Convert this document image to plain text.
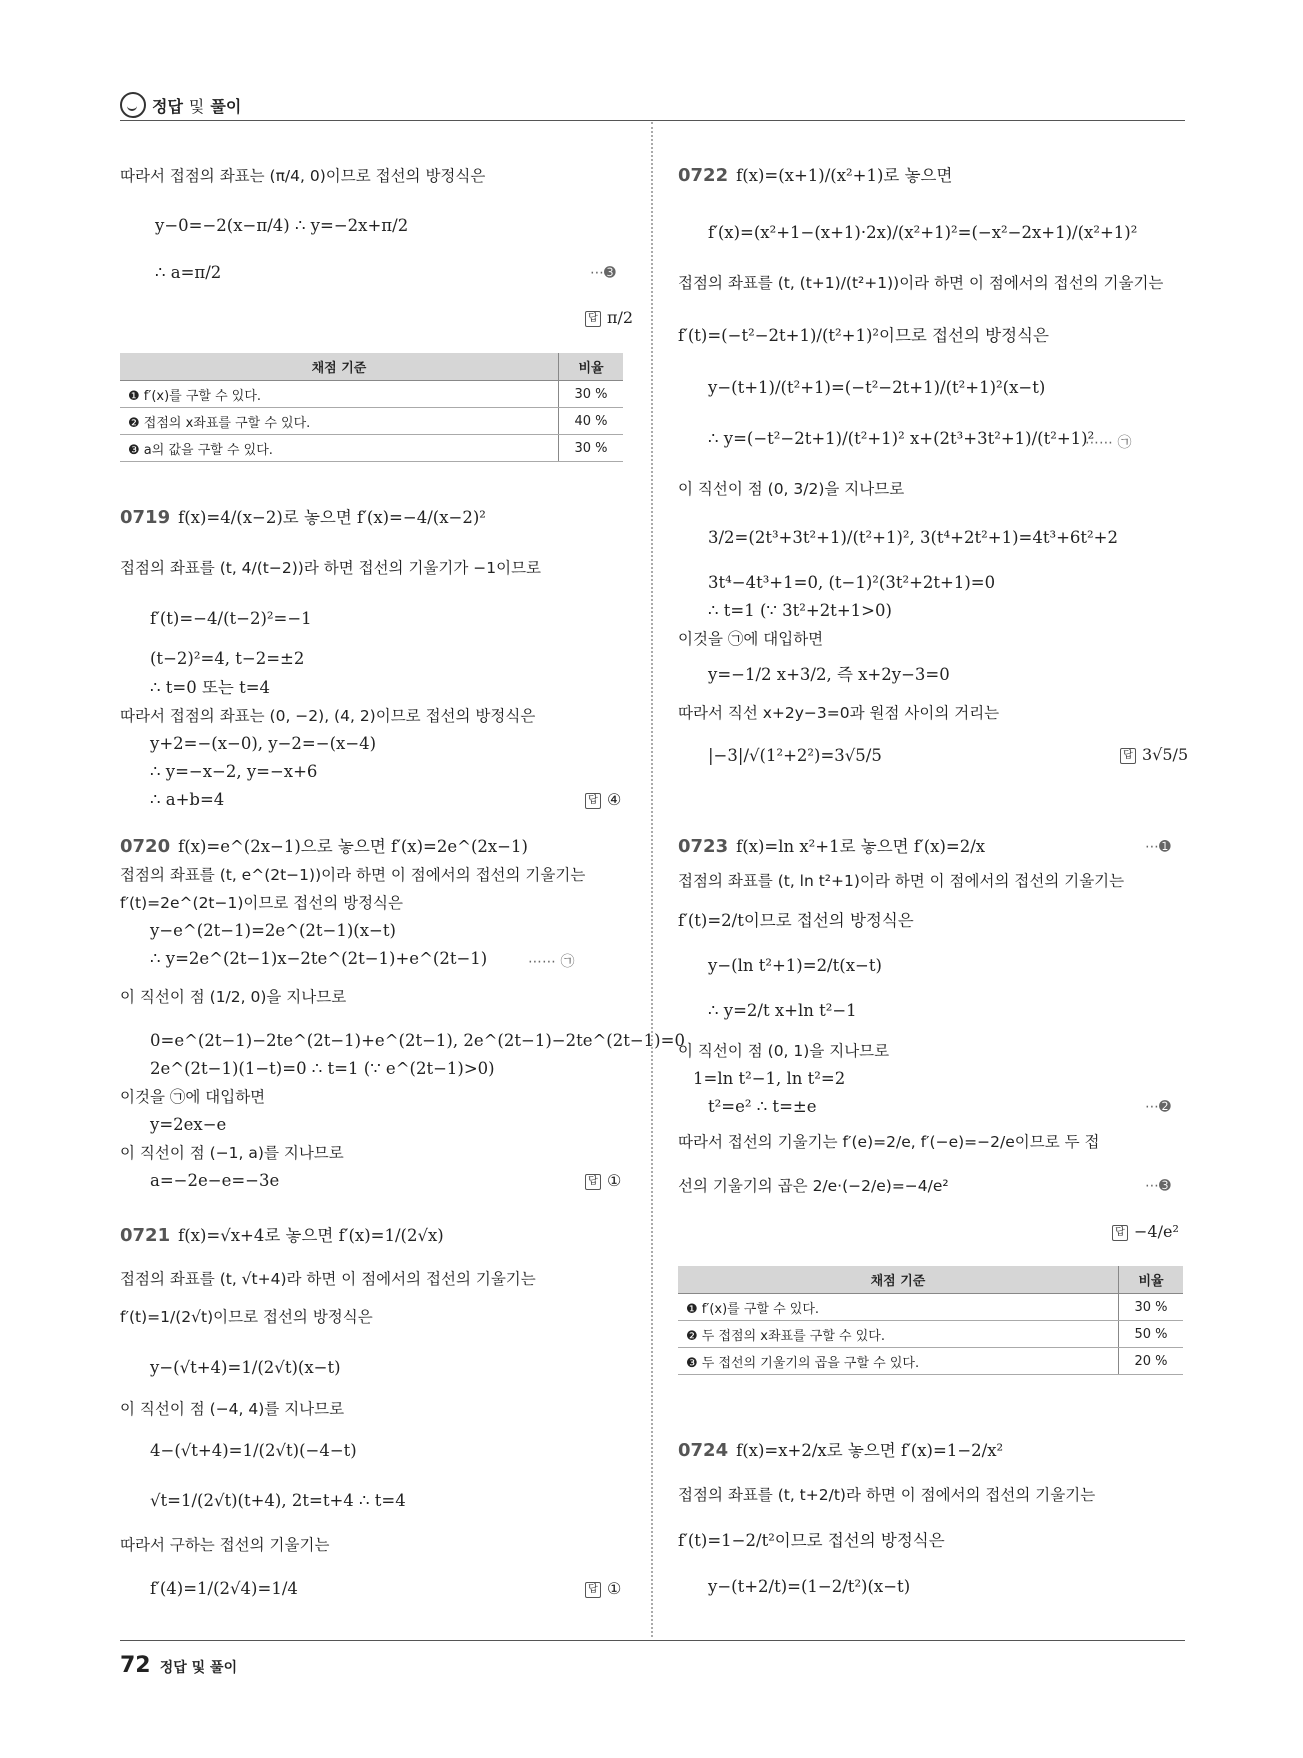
정답 및 풀이
따라서 접점의 좌표는 (π/4, 0)이므로 접선의 방정식은
y−0=−2(x−π/4) ∴ y=−2x+π/2
∴ a=π/2	⋯➌
답 π/2
채점 기준	비율
❶ f′(x)를 구할 수 있다.	30 %
❷ 접점의 x좌표를 구할 수 있다.	40 %
❸ a의 값을 구할 수 있다.	30 %
0719 f(x)=4/(x−2)로 놓으면 f′(x)=−4/(x−2)²
접점의 좌표를 (t, 4/(t−2))라 하면 접선의 기울기가 −1이므로
f′(t)=−4/(t−2)²=−1
(t−2)²=4, t−2=±2
∴ t=0 또는 t=4
따라서 접점의 좌표는 (0, −2), (4, 2)이므로 접선의 방정식은
y+2=−(x−0), y−2=−(x−4)
∴ y=−x−2, y=−x+6
∴ a+b=4	답 ④
0720 f(x)=e^(2x−1)으로 놓으면 f′(x)=2e^(2x−1)
접점의 좌표를 (t, e^(2t−1))이라 하면 이 점에서의 접선의 기울기는
f′(t)=2e^(2t−1)이므로 접선의 방정식은
y−e^(2t−1)=2e^(2t−1)(x−t)
∴ y=2e^(2t−1)x−2te^(2t−1)+e^(2t−1)	⋯⋯ ㉠
이 직선이 점 (1/2, 0)을 지나므로
0=e^(2t−1)−2te^(2t−1)+e^(2t−1), 2e^(2t−1)−2te^(2t−1)=0
2e^(2t−1)(1−t)=0 ∴ t=1 (∵ e^(2t−1)>0)
이것을 ㉠에 대입하면
y=2ex−e
이 직선이 점 (−1, a)를 지나므로
a=−2e−e=−3e	답 ①
0721 f(x)=√x+4로 놓으면 f′(x)=1/(2√x)
접점의 좌표를 (t, √t+4)라 하면 이 점에서의 접선의 기울기는
f′(t)=1/(2√t)이므로 접선의 방정식은
y−(√t+4)=1/(2√t)(x−t)
이 직선이 점 (−4, 4)를 지나므로
4−(√t+4)=1/(2√t)(−4−t)
√t=1/(2√t)(t+4), 2t=t+4 ∴ t=4
따라서 구하는 접선의 기울기는
f′(4)=1/(2√4)=1/4	답 ①
0722 f(x)=(x+1)/(x²+1)로 놓으면
f′(x)=(x²+1−(x+1)·2x)/(x²+1)²=(−x²−2x+1)/(x²+1)²
접점의 좌표를 (t, (t+1)/(t²+1))이라 하면 이 점에서의 접선의 기울기는
f′(t)=(−t²−2t+1)/(t²+1)²이므로 접선의 방정식은
y−(t+1)/(t²+1)=(−t²−2t+1)/(t²+1)²(x−t)
∴ y=(−t²−2t+1)/(t²+1)² x+(2t³+3t²+1)/(t²+1)²
⋯⋯ ㉠
이 직선이 점 (0, 3/2)을 지나므로
3/2=(2t³+3t²+1)/(t²+1)², 3(t⁴+2t²+1)=4t³+6t²+2
3t⁴−4t³+1=0, (t−1)²(3t²+2t+1)=0
∴ t=1 (∵ 3t²+2t+1>0)
이것을 ㉠에 대입하면
y=−1/2 x+3/2, 즉 x+2y−3=0
따라서 직선 x+2y−3=0과 원점 사이의 거리는
|−3|/√(1²+2²)=3√5/5	답 3√5/5
0723 f(x)=ln x²+1로 놓으면 f′(x)=2/x	⋯➊
접점의 좌표를 (t, ln t²+1)이라 하면 이 점에서의 접선의 기울기는
f′(t)=2/t이므로 접선의 방정식은
y−(ln t²+1)=2/t(x−t)
∴ y=2/t x+ln t²−1
이 직선이 점 (0, 1)을 지나므로
1=ln t²−1, ln t²=2
t²=e² ∴ t=±e	⋯➋
따라서 접선의 기울기는 f′(e)=2/e, f′(−e)=−2/e이므로 두 접
선의 기울기의 곱은 2/e·(−2/e)=−4/e²	⋯➌
답 −4/e²
채점 기준	비율
❶ f′(x)를 구할 수 있다.	30 %
❷ 두 접점의 x좌표를 구할 수 있다.	50 %
❸ 두 접선의 기울기의 곱을 구할 수 있다.	20 %
0724 f(x)=x+2/x로 놓으면 f′(x)=1−2/x²
접점의 좌표를 (t, t+2/t)라 하면 이 점에서의 접선의 기울기는
f′(t)=1−2/t²이므로 접선의 방정식은
y−(t+2/t)=(1−2/t²)(x−t)
72 정답 및 풀이
